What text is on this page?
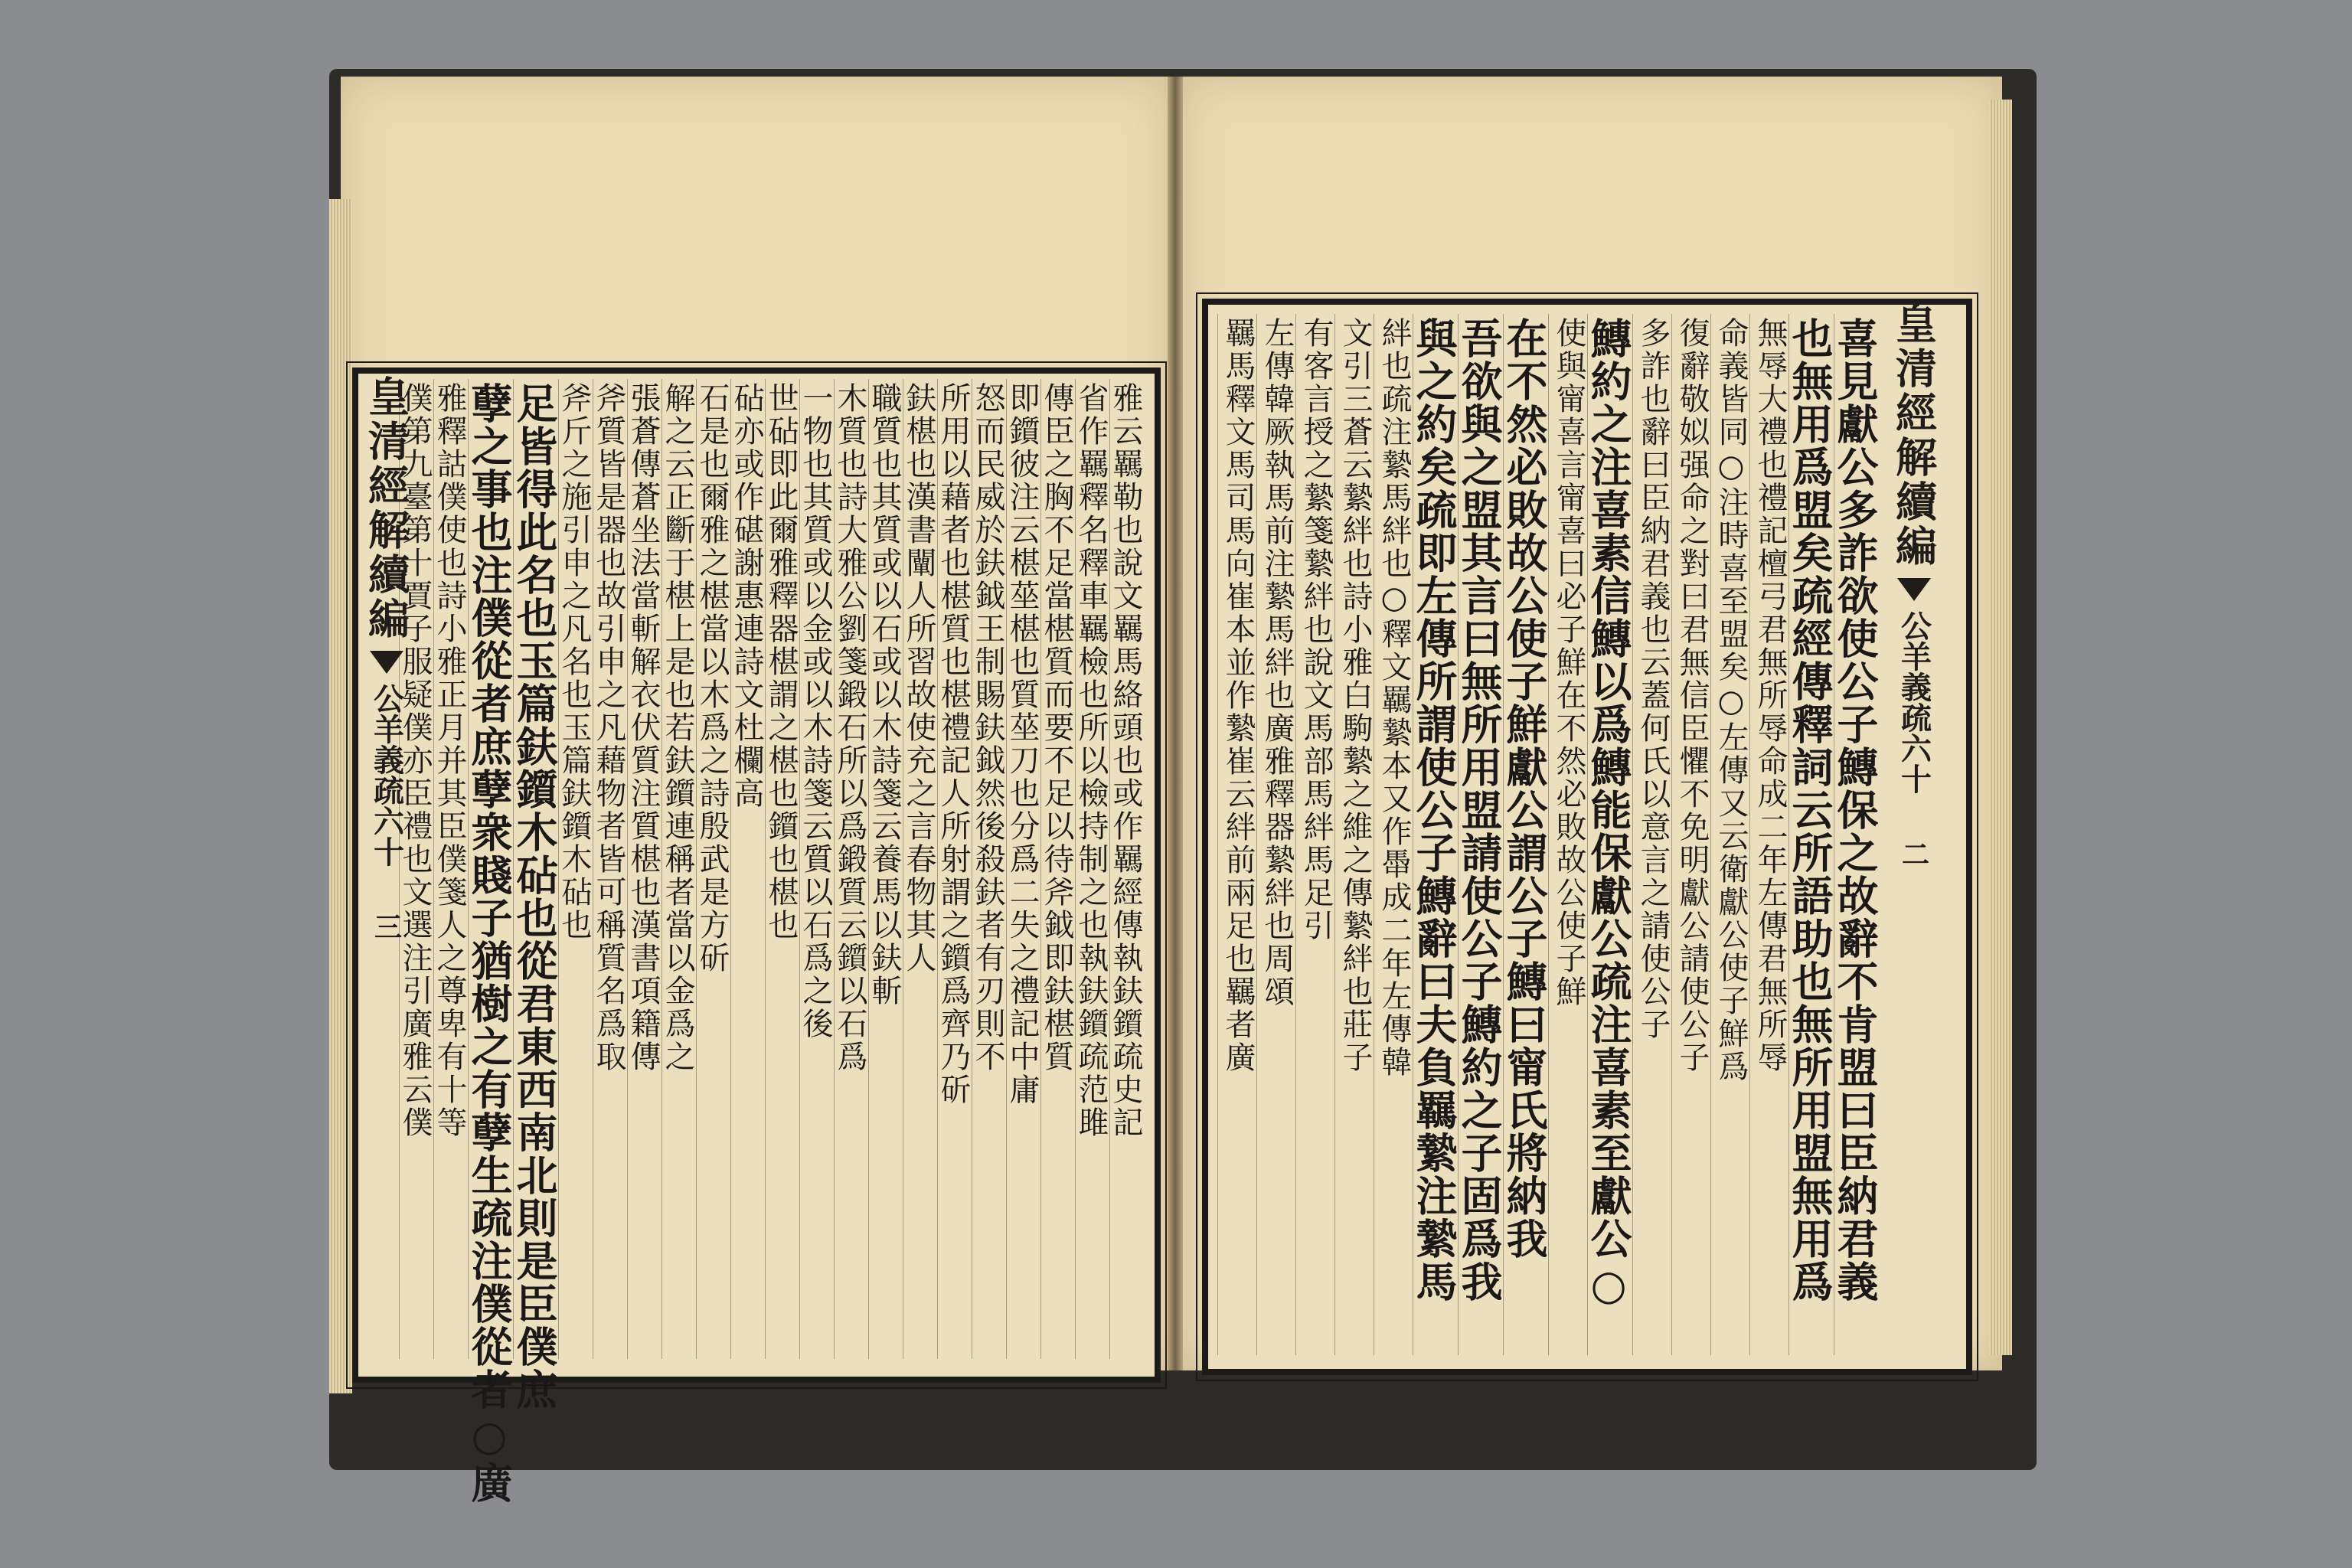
皇清經解續編
公羊義疏六十
三
皇清經解續編
公羊義疏六十
二
雅云羈勒也說文羈馬絡頭也或作羈經傳執鈇鑕疏史記
省作羈釋名釋車羈檢也所以檢持制之也執鈇鑕疏范雎
傳臣之胸不足當椹質而要不足以待斧鉞即鈇椹質
即鑕彼注云椹莝椹也質莝刀也分爲二失之禮記中庸
怒而民威於鈇鉞王制賜鈇鉞然後殺鈇者有刃則不
所用以藉者也椹質也椹禮記人所射謂之鑕爲齊乃斫
鈇椹也漢書闡人所習故使充之言春物其人
職質也其質或以石或以木詩箋云養馬以鈇斬
木質也詩大雅公劉箋鍛石所以爲鍛質云鑕以石爲
一物也其質或以金或以木詩箋云質以石爲之後
世砧即此爾雅釋器椹謂之椹也鑕也椹也
砧亦或作碪謝惠連詩文杜欄高
石是也爾雅之椹當以木爲之詩殷武是方斫
解之云正斷于椹上是也若鈇鑕連稱者當以金爲之
張蒼傳蒼坐法當斬解衣伏質注質椹也漢書項籍傳
斧質皆是器也故引申之凡藉物者皆可稱質名爲取
斧斤之施引申之凡名也玉篇鈇鑕木砧也
足皆得此名也玉篇鈇鑕木砧也從君東西南北則是臣僕庶
孽之事也注僕從者庶孽衆賤子猶樹之有孽生疏注僕從者○廣
雅釋詁僕使也詩小雅正月并其臣僕箋人之尊卑有十等
僕第九臺第十賈子服疑僕亦臣禮也文選注引廣雅云僕	喜見獻公多詐欲使公子鱄保之故辭不肯盟曰臣納君義
也無用爲盟矣疏經傳釋詞云所語助也無所用盟無用爲
無辱大禮也禮記檀弓君無所辱命成二年左傳君無所辱
命義皆同○注時喜至盟矣○左傳又云衛獻公使子鮮爲
復辭敬姒强命之對曰君無信臣懼不免明獻公請使公子
多詐也辭曰臣納君義也云蓋何氏以意言之請使公子
鱄約之注喜素信鱄以爲鱄能保獻公疏注喜素至獻公○
使與甯喜言甯喜曰必子鮮在不然必敗故公使子鮮
在不然必敗故公使子鮮獻公謂公子鱄曰甯氏將納我
吾欲與之盟其言曰無所用盟請使公子鱄約之子固爲我
與之約矣疏即左傳所謂使公子鱄辭曰夫負羈縶注縶馬
絆也疏注縶馬絆也○釋文羈縶本又作馽成二年左傳韓
文引三蒼云縶絆也詩小雅白駒縶之維之傳縶絆也莊子
有客言授之縶箋縶絆也說文馬部馬絆馬足引
左傳韓厥執馬前注縶馬絆也廣雅釋器縶絆也周頌
羈馬釋文馬司馬向崔本並作縶崔云絆前兩足也羈者廣
